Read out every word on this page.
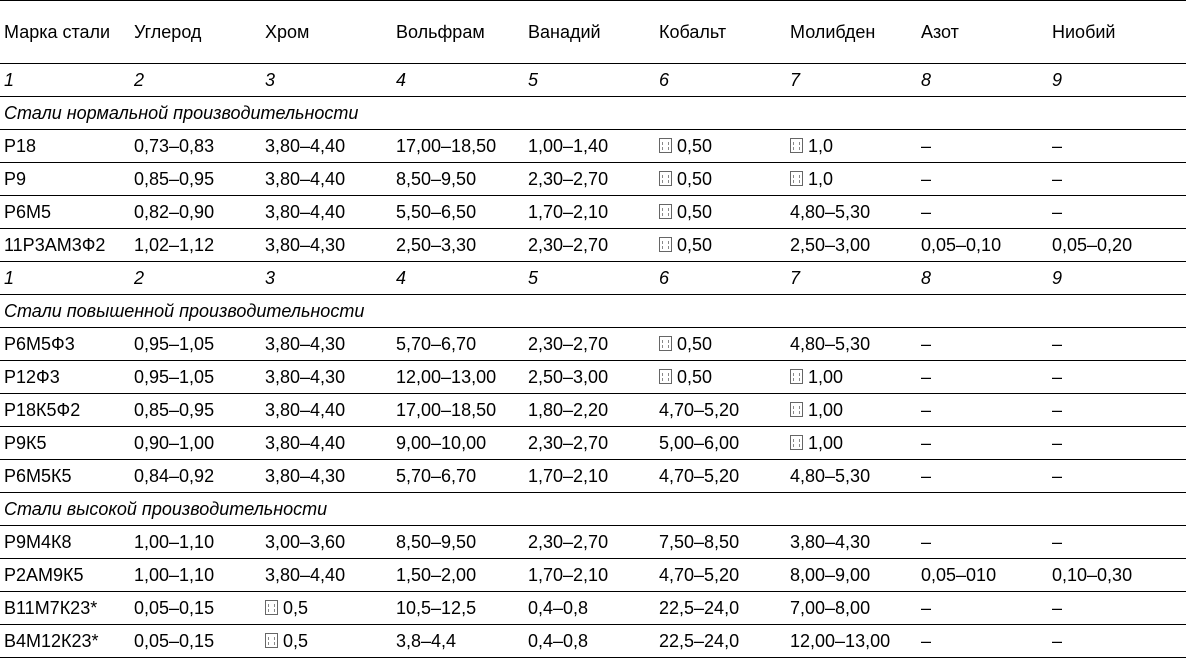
Марка стали	Углерод	Хром	Вольфрам	Ванадий	Кобальт	Молибден	Азот	Ниобий
1	2	3	4	5	6	7	8	9
Стали нормальной производительности								
Р18	0,73–0,83	3,80–4,40	17,00–18,50	1,00–1,40	0,50	1,0	–	–
Р9	0,85–0,95	3,80–4,40	8,50–9,50	2,30–2,70	0,50	1,0	–	–
Р6М5	0,82–0,90	3,80–4,40	5,50–6,50	1,70–2,10	0,50	4,80–5,30	–	–
11Р3АМ3Ф2	1,02–1,12	3,80–4,30	2,50–3,30	2,30–2,70	0,50	2,50–3,00	0,05–0,10	0,05–0,20
1	2	3	4	5	6	7	8	9
Стали повышенной производительности								
Р6М5Ф3	0,95–1,05	3,80–4,30	5,70–6,70	2,30–2,70	0,50	4,80–5,30	–	–
Р12Ф3	0,95–1,05	3,80–4,30	12,00–13,00	2,50–3,00	0,50	1,00	–	–
Р18К5Ф2	0,85–0,95	3,80–4,40	17,00–18,50	1,80–2,20	4,70–5,20	1,00	–	–
Р9К5	0,90–1,00	3,80–4,40	9,00–10,00	2,30–2,70	5,00–6,00	1,00	–	–
Р6М5К5	0,84–0,92	3,80–4,30	5,70–6,70	1,70–2,10	4,70–5,20	4,80–5,30	–	–
Стали высокой производительности								
Р9М4К8	1,00–1,10	3,00–3,60	8,50–9,50	2,30–2,70	7,50–8,50	3,80–4,30	–	–
Р2АМ9К5	1,00–1,10	3,80–4,40	1,50–2,00	1,70–2,10	4,70–5,20	8,00–9,00	0,05–010	0,10–0,30
В11М7К23*	0,05–0,15	0,5	10,5–12,5	0,4–0,8	22,5–24,0	7,00–8,00	–	–
В4М12К23*	0,05–0,15	0,5	3,8–4,4	0,4–0,8	22,5–24,0	12,00–13,00	–	–
